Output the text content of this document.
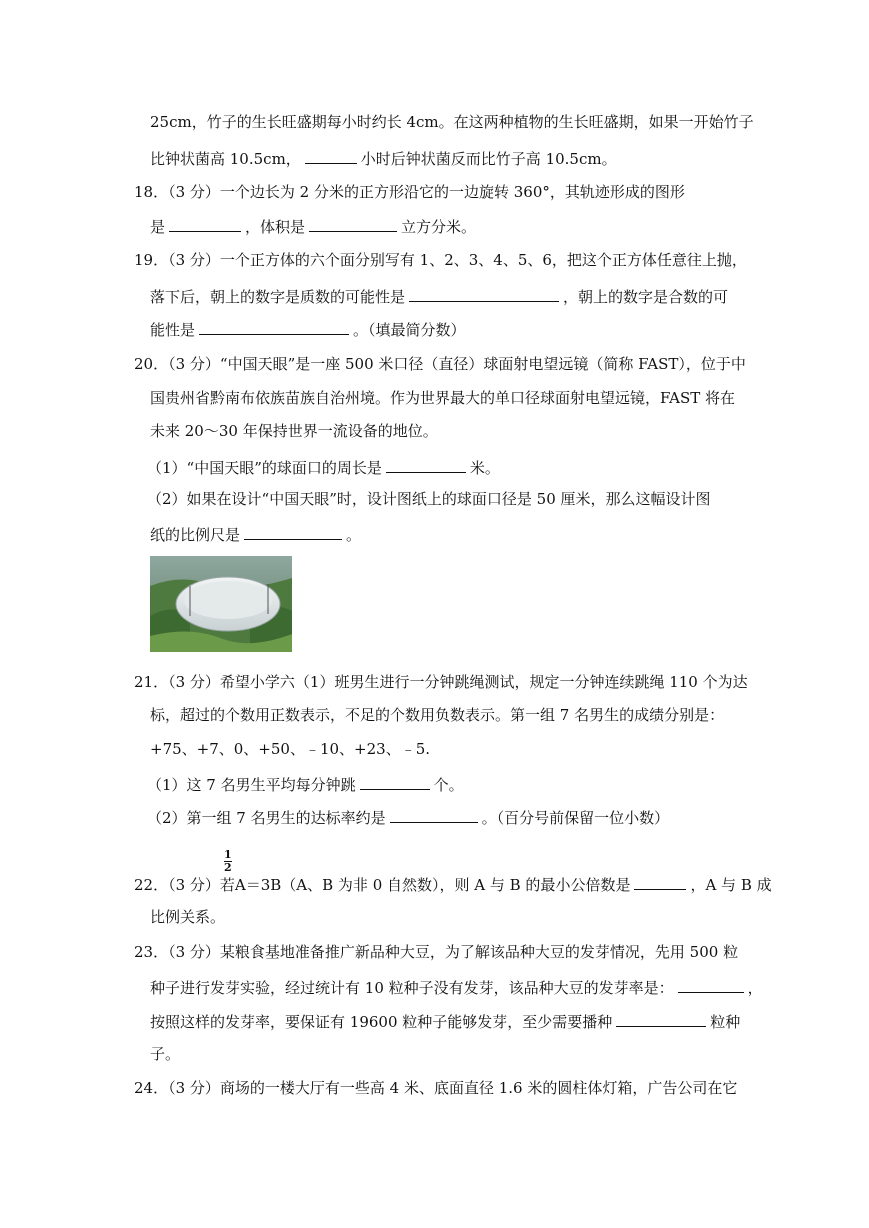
25cm，竹子的生长旺盛期每小时约长 4cm。在这两种植物的生长旺盛期，如果一开始竹子
比钟状菌高 10.5cm，	小时后钟状菌反而比竹子高 10.5cm。
18．（3 分）一个边长为 2 分米的正方形沿它的一边旋转 360°，其轨迹形成的图形
是	，体积是	立方分米。
19．（3 分）一个正方体的六个面分别写有 1、2、3、4、5、6，把这个正方体任意往上抛，
落下后，朝上的数字是质数的可能性是	，朝上的数字是合数的可
能性是	。（填最简分数）
20．（3 分）“中国天眼”是一座 500 米口径（直径）球面射电望远镜（简称 FAST），位于中
国贵州省黔南布依族苗族自治州境。作为世界最大的单口径球面射电望远镜，FAST 将在
未来 20～30 年保持世界一流设备的地位。
（1）“中国天眼”的球面口的周长是	米。
（2）如果在设计“中国天眼”时，设计图纸上的球面口径是 50 厘米，那么这幅设计图
纸的比例尺是	。
21．（3 分）希望小学六（1）班男生进行一分钟跳绳测试，规定一分钟连续跳绳 110 个为达
标，超过的个数用正数表示，不足的个数用负数表示。第一组 7 名男生的成绩分别是：
+75、+7、0、+50、﹣10、+23、﹣5.
（1）这 7 名男生平均每分钟跳	个。
（2）第一组 7 名男生的达标率约是	。（百分号前保留一位小数）
1
2
22．（3 分）若A＝3B（A、B 为非 0 自然数），则 A 与 B 的最小公倍数是	，A 与 B 成
比例关系。
23．（3 分）某粮食基地准备推广新品种大豆，为了解该品种大豆的发芽情况，先用 500 粒
种子进行发芽实验，经过统计有 10 粒种子没有发芽，该品种大豆的发芽率是：	，
按照这样的发芽率，要保证有 19600 粒种子能够发芽，至少需要播种	粒种
子。
24．（3 分）商场的一楼大厅有一些高 4 米、底面直径 1.6 米的圆柱体灯箱，广告公司在它
